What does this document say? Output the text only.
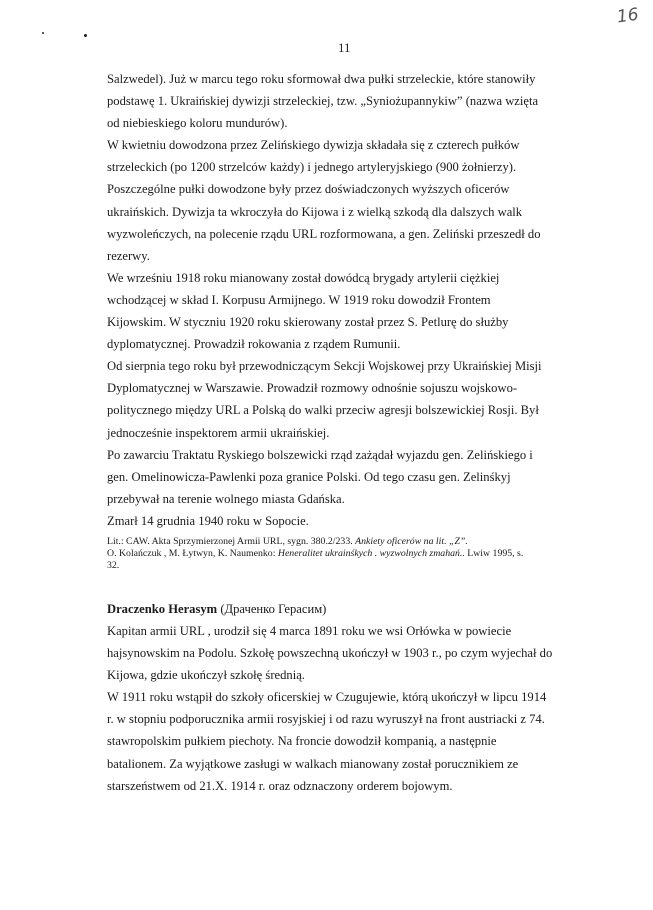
16
11

Salzwedel). Już w marcu tego roku sformował dwa pułki strzeleckie, które stanowiły

podstawę 1. Ukraińskiej dywizji strzeleckiej, tzw. „Syniożupannykiw” (nazwa wzięta

od niebieskiego koloru mundurów).

W kwietniu dowodzona przez Zelińskiego dywizja składała się z czterech pułków

strzeleckich (po 1200 strzelców każdy) i jednego artyleryjskiego (900 żołnierzy).

Poszczególne pułki dowodzone były przez doświadczonych wyższych oficerów

ukraińskich. Dywizja ta wkroczyła do Kijowa i z wielką szkodą dla dalszych walk

wyzwoleńczych, na polecenie rządu URL rozformowana, a gen. Zeliński przeszedł do

rezerwy.

We wrześniu 1918 roku mianowany został dowódcą brygady artylerii ciężkiej

wchodzącej w skład I. Korpusu Armijnego. W 1919 roku dowodził Frontem

Kijowskim. W styczniu 1920 roku skierowany został przez S. Petlurę do służby

dyplomatycznej. Prowadził rokowania z rządem Rumunii.

Od sierpnia tego roku był przewodniczącym Sekcji Wojskowej przy Ukraińskiej Misji

Dyplomatycznej w Warszawie. Prowadził rozmowy odnośnie sojuszu wojskowo-

politycznego między URL a Polską do walki przeciw agresji bolszewickiej Rosji. Był

jednocześnie inspektorem armii ukraińskiej.

Po zawarciu Traktatu Ryskiego bolszewicki rząd zażądał wyjazdu gen. Zelińskiego i

gen. Omelinowicza-Pawlenki poza granice Polski. Od tego czasu gen. Zelinśkyj

przebywał na terenie wolnego miasta Gdańska.

Zmarł 14 grudnia 1940 roku w Sopocie.

Lit.: CAW. Akta Sprzymierzonej Armii URL, sygn. 380.2/233. Ankiety oficerów na lit. „Z”.

O. Kolańczuk , M. Łytwyn, K. Naumenko: Heneralitet ukrainśkych . wyzwolnych zmahań.. Lwiw 1995, s.

32.

Draczenko Herasym (Драченко Герасим)

Kapitan armii URL , urodził się 4 marca 1891 roku we wsi Orłówka w powiecie

hajsynowskim na Podolu. Szkołę powszechną ukończył w 1903 r., po czym wyjechał do

Kijowa, gdzie ukończył szkołę średnią.

W 1911 roku wstąpił do szkoły oficerskiej w Czugujewie, którą ukończył w lipcu 1914

r. w stopniu podporucznika armii rosyjskiej i od razu wyruszył na front austriacki z 74.

stawropolskim pułkiem piechoty. Na froncie dowodził kompanią, a następnie

batalionem. Za wyjątkowe zasługi w walkach mianowany został porucznikiem ze

starszeństwem od 21.X. 1914 r. oraz odznaczony orderem bojowym.
